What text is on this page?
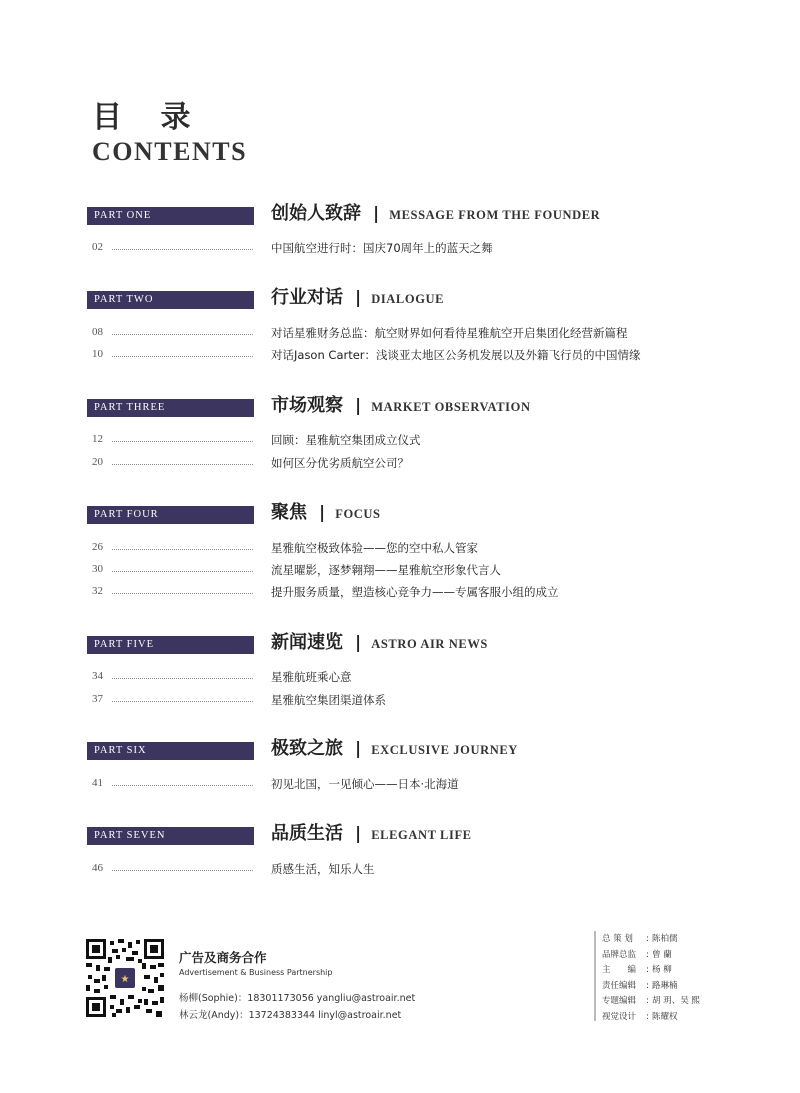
目 录
CONTENTS
PART ONE	创始人致辞 | MESSAGE FROM THE FOUNDER
02	中国航空进行时：国庆70周年上的蓝天之舞
PART TWO	行业对话 | DIALOGUE
08	对话星雅财务总监：航空财界如何看待星雅航空开启集团化经营新篇程
10	对话Jason Carter：浅谈亚太地区公务机发展以及外籍飞行员的中国情缘
PART THREE	市场观察 | MARKET OBSERVATION
12	回顾：星雅航空集团成立仪式
20	如何区分优劣质航空公司？
PART FOUR	聚焦 | FOCUS
26	星雅航空极致体验——您的空中私人管家
30	流星曜影，逐梦翱翔——星雅航空形象代言人
32	提升服务质量，塑造核心竞争力——专属客服小组的成立
PART FIVE	新闻速览 | ASTRO AIR NEWS
34	星雅航班乘心意
37	星雅航空集团渠道体系
PART SIX	极致之旅 | EXCLUSIVE JOURNEY
41	初见北国，一见倾心——日本·北海道
PART SEVEN	品质生活 | ELEGANT LIFE
46	质感生活，知乐人生
★
广告及商务合作
Advertisement & Business Partnership
杨柳(Sophie)：18301173056 yangliu@astroair.net
林云龙(Andy)：13724383344 linyl@astroair.net
总 策 划 : 陈柏儒
品牌总监 : 曾 蘭
主　　编 : 杨 柳
责任编辑 : 路琳楠
专题编辑 : 胡 玥、吴 熙
视觉设计 : 陈耀权
